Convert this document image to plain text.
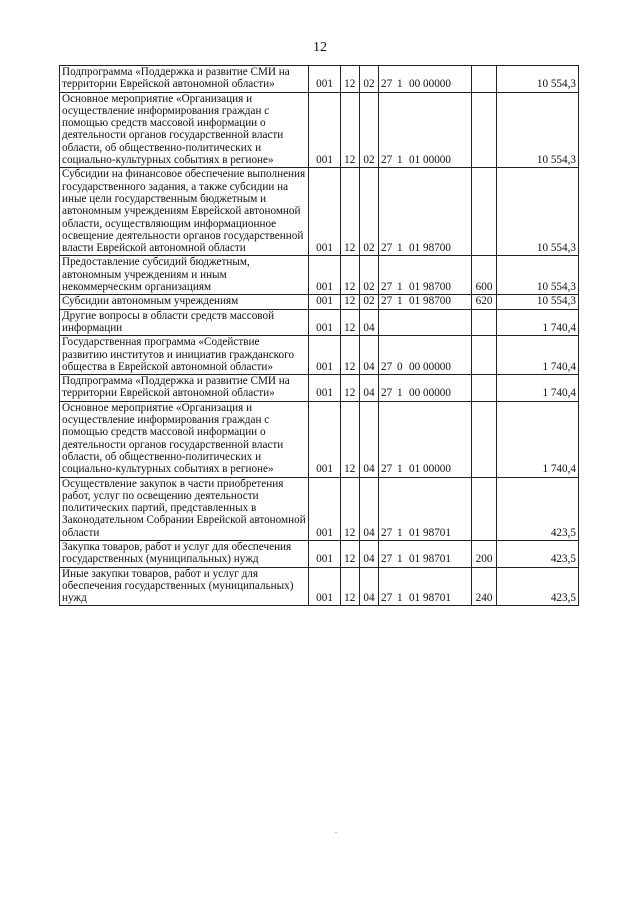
12
Подпрограмма «Поддержка и развитие СМИ на территории Еврейской автономной области»	001	12	02	27 1 00 00000		10 554,3
Основное мероприятие «Организация и осуществление информирования граждан с помощью средств массовой информации о деятельности органов государственной власти области, об общественно-политических и социально-культурных событиях в регионе»	001	12	02	27 1 01 00000		10 554,3
Субсидии на финансовое обеспечение выполнения государственного задания, а также субсидии на иные цели государственным бюджетным и автономным учреждениям Еврейской автономной области, осуществляющим информационное освещение деятельности органов государственной власти Еврейской автономной области	001	12	02	27 1 01 98700		10 554,3
Предоставление субсидий бюджетным, автономным учреждениям и иным некоммерческим организациям	001	12	02	27 1 01 98700	600	10 554,3
Субсидии автономным учреждениям	001	12	02	27 1 01 98700	620	10 554,3
Другие вопросы в области средств массовой информации	001	12	04			1 740,4
Государственная программа «Содействие развитию институтов и инициатив гражданского общества в Еврейской автономной области»	001	12	04	27 0 00 00000		1 740,4
Подпрограмма «Поддержка и развитие СМИ на территории Еврейской автономной области»	001	12	04	27 1 00 00000		1 740,4
Основное мероприятие «Организация и осуществление информирования граждан с помощью средств массовой информации о деятельности органов государственной власти области, об общественно-политических и социально-культурных событиях в регионе»	001	12	04	27 1 01 00000		1 740,4
Осуществление закупок в части приобретения работ, услуг по освещению деятельности политических партий, представленных в Законодательном Собрании Еврейской автономной области	001	12	04	27 1 01 98701		423,5
Закупка товаров, работ и услуг для обеспечения государственных (муниципальных) нужд	001	12	04	27 1 01 98701	200	423,5
Иные закупки товаров, работ и услуг для обеспечения государственных (муниципальных) нужд	001	12	04	27 1 01 98701	240	423,5
.
